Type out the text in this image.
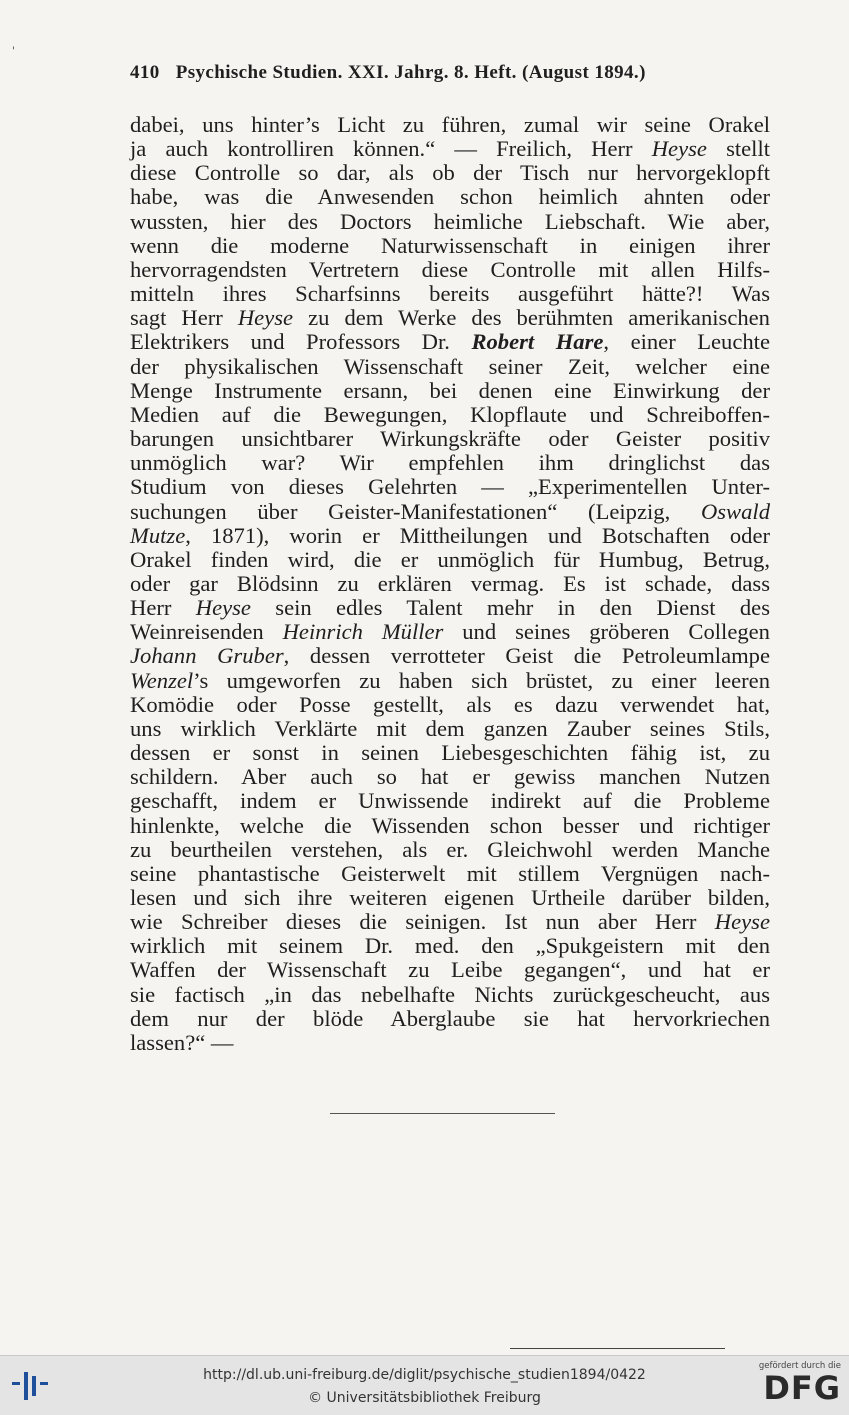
410 Psychische Studien. XXI. Jahrg. 8. Heft. (August 1894.)
dabei, uns hinter’s Licht zu führen, zumal wir seine Orakel
ja auch kontrolliren können.“ — Freilich, Herr Heyse stellt
diese Controlle so dar, als ob der Tisch nur hervorgeklopft
habe, was die Anwesenden schon heimlich ahnten oder
wussten, hier des Doctors heimliche Liebschaft. Wie aber,
wenn die moderne Naturwissenschaft in einigen ihrer
hervorragendsten Vertretern diese Controlle mit allen Hilfs-
mitteln ihres Scharfsinns bereits ausgeführt hätte?! Was
sagt Herr Heyse zu dem Werke des berühmten amerikanischen
Elektrikers und Professors Dr. Robert Hare, einer Leuchte
der physikalischen Wissenschaft seiner Zeit, welcher eine
Menge Instrumente ersann, bei denen eine Einwirkung der
Medien auf die Bewegungen, Klopflaute und Schreiboffen-
barungen unsichtbarer Wirkungskräfte oder Geister positiv
unmöglich war? Wir empfehlen ihm dringlichst das
Studium von dieses Gelehrten — „Experimentellen Unter-
suchungen über Geister-Manifestationen“ (Leipzig, Oswald
Mutze, 1871), worin er Mittheilungen und Botschaften oder
Orakel finden wird, die er unmöglich für Humbug, Betrug,
oder gar Blödsinn zu erklären vermag. Es ist schade, dass
Herr Heyse sein edles Talent mehr in den Dienst des
Weinreisenden Heinrich Müller und seines gröberen Collegen
Johann Gruber, dessen verrotteter Geist die Petroleumlampe
Wenzel’s umgeworfen zu haben sich brüstet, zu einer leeren
Komödie oder Posse gestellt, als es dazu verwendet hat,
uns wirklich Verklärte mit dem ganzen Zauber seines Stils,
dessen er sonst in seinen Liebesgeschichten fähig ist, zu
schildern. Aber auch so hat er gewiss manchen Nutzen
geschafft, indem er Unwissende indirekt auf die Probleme
hinlenkte, welche die Wissenden schon besser und richtiger
zu beurtheilen verstehen, als er. Gleichwohl werden Manche
seine phantastische Geisterwelt mit stillem Vergnügen nach-
lesen und sich ihre weiteren eigenen Urtheile darüber bilden,
wie Schreiber dieses die seinigen. Ist nun aber Herr Heyse
wirklich mit seinem Dr. med. den „Spukgeistern mit den
Waffen der Wissenschaft zu Leibe gegangen“, und hat er
sie factisch „in das nebelhafte Nichts zurückgescheucht, aus
dem nur der blöde Aberglaube sie hat hervorkriechen
lassen?“ —
'
http://dl.ub.uni-freiburg.de/diglit/psychische_studien1894/0422
© Universitätsbibliothek Freiburg
gefördert durch die
DFG
